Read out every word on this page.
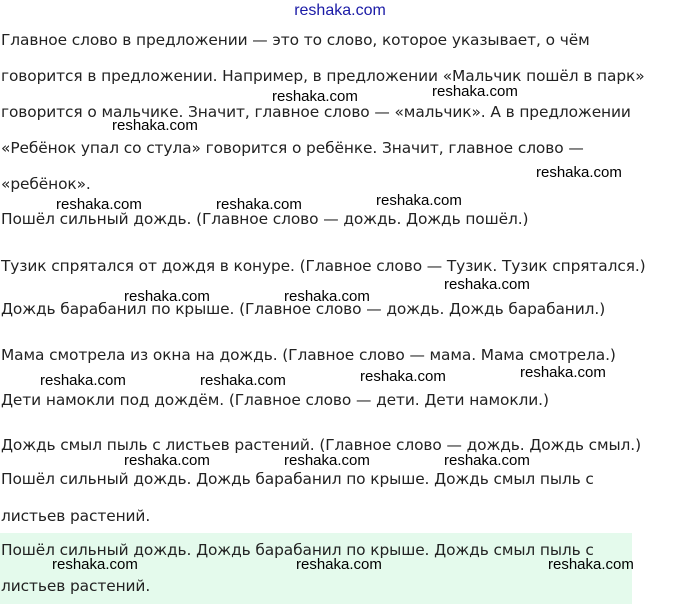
reshaka.com
Главное слово в предложении — это то слово, которое указывает, о чём
говорится в предложении. Например, в предложении «Мальчик пошёл в парк»
говорится о мальчике. Значит, главное слово — «мальчик». А в предложении
«Ребёнок упал со стула» говорится о ребёнке. Значит, главное слово —
«ребёнок».
Пошёл сильный дождь. (Главное слово — дождь. Дождь пошёл.)
Тузик спрятался от дождя в конуре. (Главное слово — Тузик. Тузик спрятался.)
Дождь барабанил по крыше. (Главное слово — дождь. Дождь барабанил.)
Мама смотрела из окна на дождь. (Главное слово — мама. Мама смотрела.)
Дети намокли под дождём. (Главное слово — дети. Дети намокли.)
Дождь смыл пыль с листьев растений. (Главное слово — дождь. Дождь смыл.)
Пошёл сильный дождь. Дождь барабанил по крыше. Дождь смыл пыль с
листьев растений.
Пошёл сильный дождь. Дождь барабанил по крыше. Дождь смыл пыль с
листьев растений.
reshaka.com	reshaka.com
reshaka.com
reshaka.com
reshaka.com	reshaka.com	reshaka.com
reshaka.com
reshaka.com	reshaka.com
reshaka.com	reshaka.com	reshaka.com	reshaka.com
reshaka.com	reshaka.com	reshaka.com
reshaka.com	reshaka.com	reshaka.com
